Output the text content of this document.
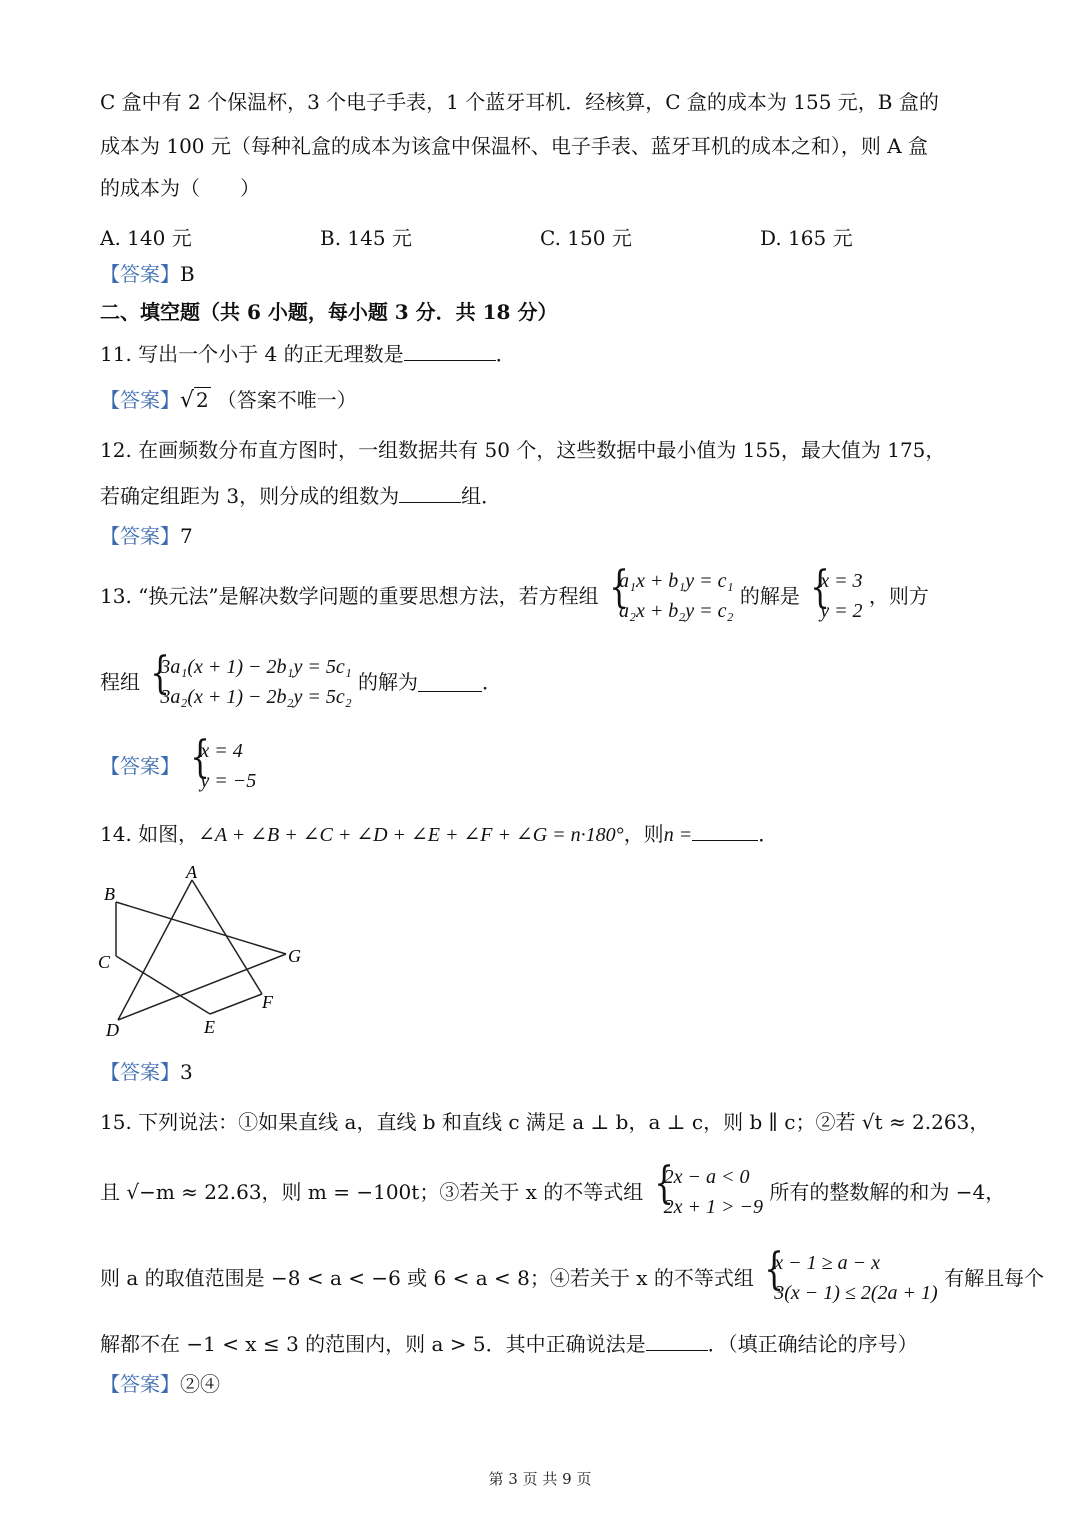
C 盒中有 2 个保温杯，3 个电子手表，1 个蓝牙耳机．经核算，C 盒的成本为 155 元，B 盒的
成本为 100 元（每种礼盒的成本为该盒中保温杯、电子手表、蓝牙耳机的成本之和），则 A 盒
的成本为（　　）
A. 140 元	B. 145 元	C. 150 元	D. 165 元
【答案】B
二、填空题（共 6 小题，每小题 3 分．共 18 分）
11. 写出一个小于 4 的正无理数是	．
【答案】√ 2 （答案不唯一）
12. 在画频数分布直方图时，一组数据共有 50 个，这些数据中最小值为 155，最大值为 175，
若确定组距为 3，则分成的组数为	组．
【答案】7
13. “换元法”是解决数学问题的重要思想方法，若方程组 {
a₁x + b₁y = c₁
a₂x + b₂y = c₂
的解是 {
x = 3
y = 2
，则方
程组 {
3a₁(x + 1) − 2b₁y = 5c₁
3a₂(x + 1) − 2b₂y = 5c₂
的解为	．
【答案】 {
x = 4
y = −5
14. 如图，∠A + ∠B + ∠C + ∠D + ∠E + ∠F + ∠G = n·180°，则n =	．
A
B
C
D	E
F
G
【答案】3
15. 下列说法：①如果直线 a，直线 b 和直线 c 满足 a ⊥ b，a ⊥ c，则 b ∥ c；②若 √t ≈ 2.263，
且 √−m ≈ 22.63，则 m = −100t；③若关于 x 的不等式组 {
2x − a < 0
2x + 1 > −9
所有的整数解的和为 −4，
则 a 的取值范围是 −8 < a < −6 或 6 < a < 8；④若关于 x 的不等式组 {
x − 1 ≥ a − x
3(x − 1) ≤ 2(2a + 1)
有解且每个
解都不在 −1 < x ≤ 3 的范围内，则 a > 5．其中正确说法是	．（填正确结论的序号）
【答案】②④
第 3 页 共 9 页
